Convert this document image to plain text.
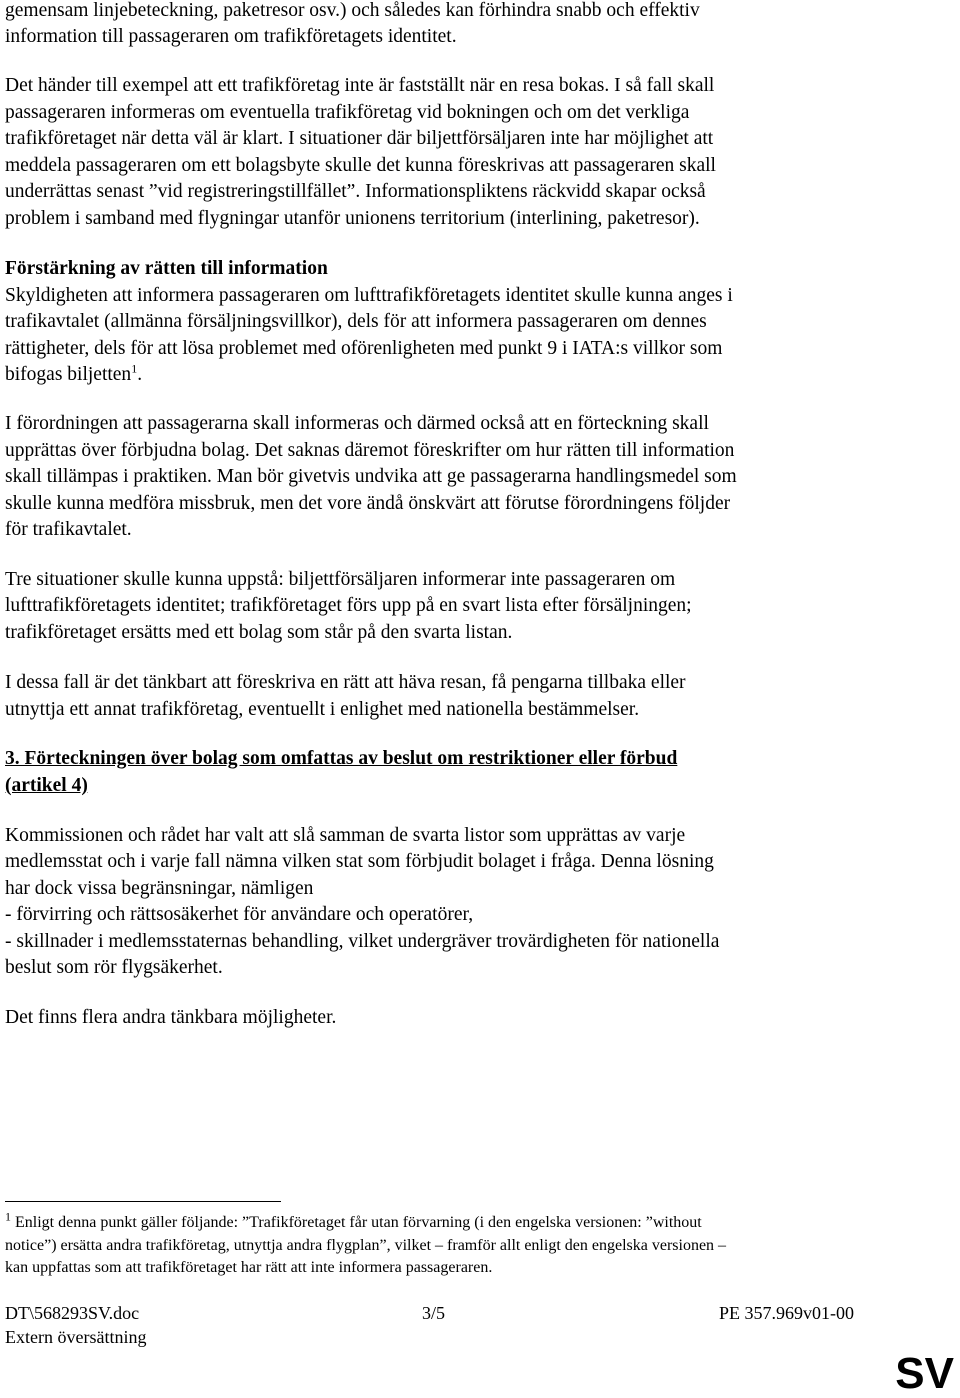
gemensam linjebeteckning, paketresor osv.) och således kan förhindra snabb och effektiv
information till passageraren om trafikföretagets identitet.
Det händer till exempel att ett trafikföretag inte är fastställt när en resa bokas. I så fall skall
passageraren informeras om eventuella trafikföretag vid bokningen och om det verkliga
trafikföretaget när detta väl är klart. I situationer där biljettförsäljaren inte har möjlighet att
meddela passageraren om ett bolagsbyte skulle det kunna föreskrivas att passageraren skall
underrättas senast ”vid registreringstillfället”. Informationspliktens räckvidd skapar också
problem i samband med flygningar utanför unionens territorium (interlining, paketresor).
Förstärkning av rätten till information
Skyldigheten att informera passageraren om lufttrafikföretagets identitet skulle kunna anges i
trafikavtalet (allmänna försäljningsvillkor), dels för att informera passageraren om dennes
rättigheter, dels för att lösa problemet med oförenligheten med punkt 9 i IATA:s villkor som
bifogas biljetten$^1$.
I förordningen att passagerarna skall informeras och därmed också att en förteckning skall
upprättas över förbjudna bolag. Det saknas däremot föreskrifter om hur rätten till information
skall tillämpas i praktiken. Man bör givetvis undvika att ge passagerarna handlingsmedel som
skulle kunna medföra missbruk, men det vore ändå önskvärt att förutse förordningens följder
för trafikavtalet.
Tre situationer skulle kunna uppstå: biljettförsäljaren informerar inte passageraren om
lufttrafikföretagets identitet; trafikföretaget förs upp på en svart lista efter försäljningen;
trafikföretaget ersätts med ett bolag som står på den svarta listan.
I dessa fall är det tänkbart att föreskriva en rätt att häva resan, få pengarna tillbaka eller
utnyttja ett annat trafikföretag, eventuellt i enlighet med nationella bestämmelser.
3. Förteckningen över bolag som omfattas av beslut om restriktioner eller förbud
(artikel 4)
Kommissionen och rådet har valt att slå samman de svarta listor som upprättas av varje
medlemsstat och i varje fall nämna vilken stat som förbjudit bolaget i fråga. Denna lösning
har dock vissa begränsningar, nämligen
- förvirring och rättsosäkerhet för användare och operatörer,
- skillnader i medlemsstaternas behandling, vilket undergräver trovärdigheten för nationella
beslut som rör flygsäkerhet.
Det finns flera andra tänkbara möjligheter.
$^1$ Enligt denna punkt gäller följande: ”Trafikföretaget får utan förvarning (i den engelska versionen: ”without
notice”) ersätta andra trafikföretag, utnyttja andra flygplan”, vilket – framför allt enligt den engelska versionen –
kan uppfattas som att trafikföretaget har rätt att inte informera passageraren.
DT\568293SV.doc	3/5	PE 357.969v01-00
Extern översättning
SV
